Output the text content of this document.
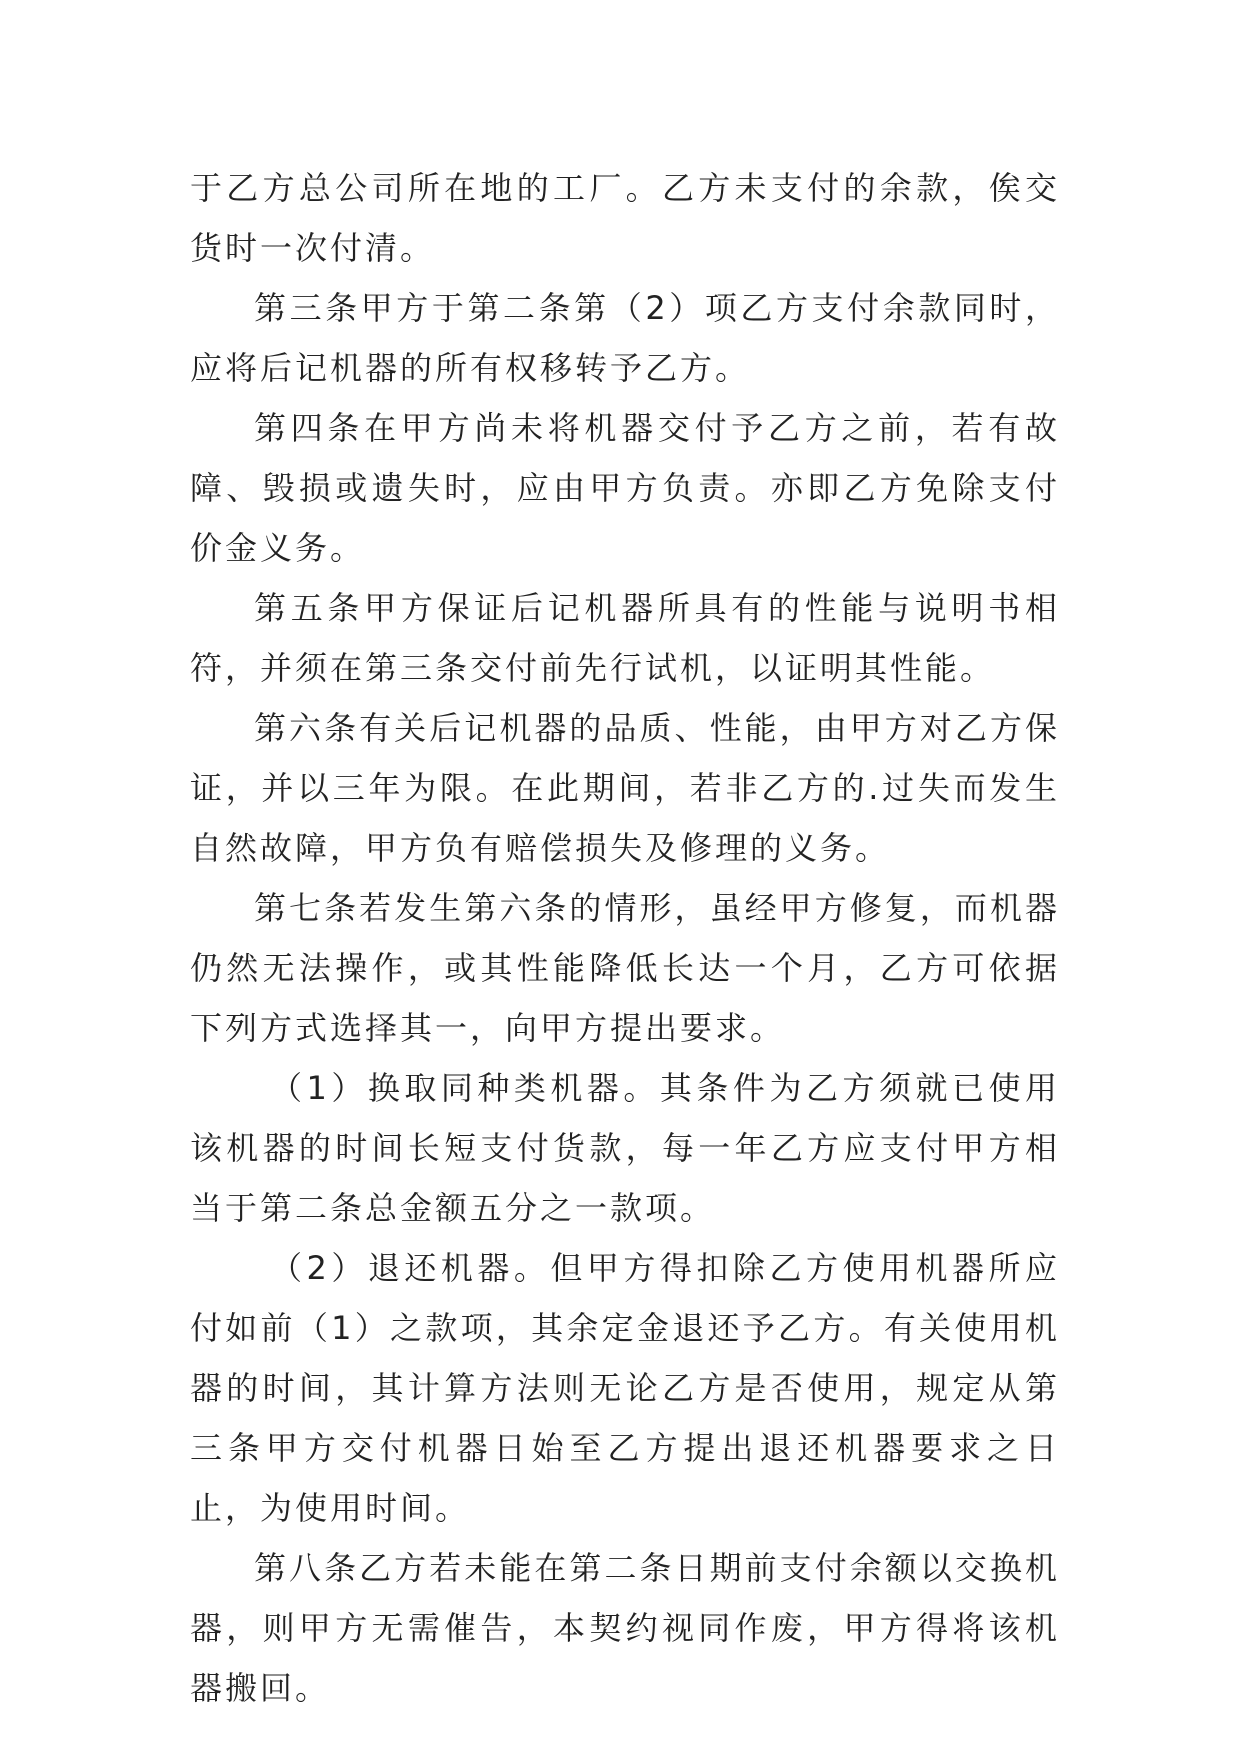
于乙方总公司所在地的工厂。乙方未支付的余款，俟交货时一次付清。

第三条甲方于第二条第（2）项乙方支付余款同时，应将后记机器的所有权移转予乙方。

第四条在甲方尚未将机器交付予乙方之前，若有故障、毁损或遗失时，应由甲方负责。亦即乙方免除支付价金义务。

第五条甲方保证后记机器所具有的性能与说明书相符，并须在第三条交付前先行试机，以证明其性能。

第六条有关后记机器的品质、性能，由甲方对乙方保证，并以三年为限。在此期间，若非乙方的.过失而发生自然故障，甲方负有赔偿损失及修理的义务。

第七条若发生第六条的情形，虽经甲方修复，而机器仍然无法操作，或其性能降低长达一个月，乙方可依据下列方式选择其一，向甲方提出要求。

（1）换取同种类机器。其条件为乙方须就已使用该机器的时间长短支付货款，每一年乙方应支付甲方相当于第二条总金额五分之一款项。

（2）退还机器。但甲方得扣除乙方使用机器所应付如前（1）之款项，其余定金退还予乙方。有关使用机器的时间，其计算方法则无论乙方是否使用，规定从第三条甲方交付机器日始至乙方提出退还机器要求之日止，为使用时间。

第八条乙方若未能在第二条日期前支付余额以交换机器，则甲方无需催告，本契约视同作废，甲方得将该机器搬回。
